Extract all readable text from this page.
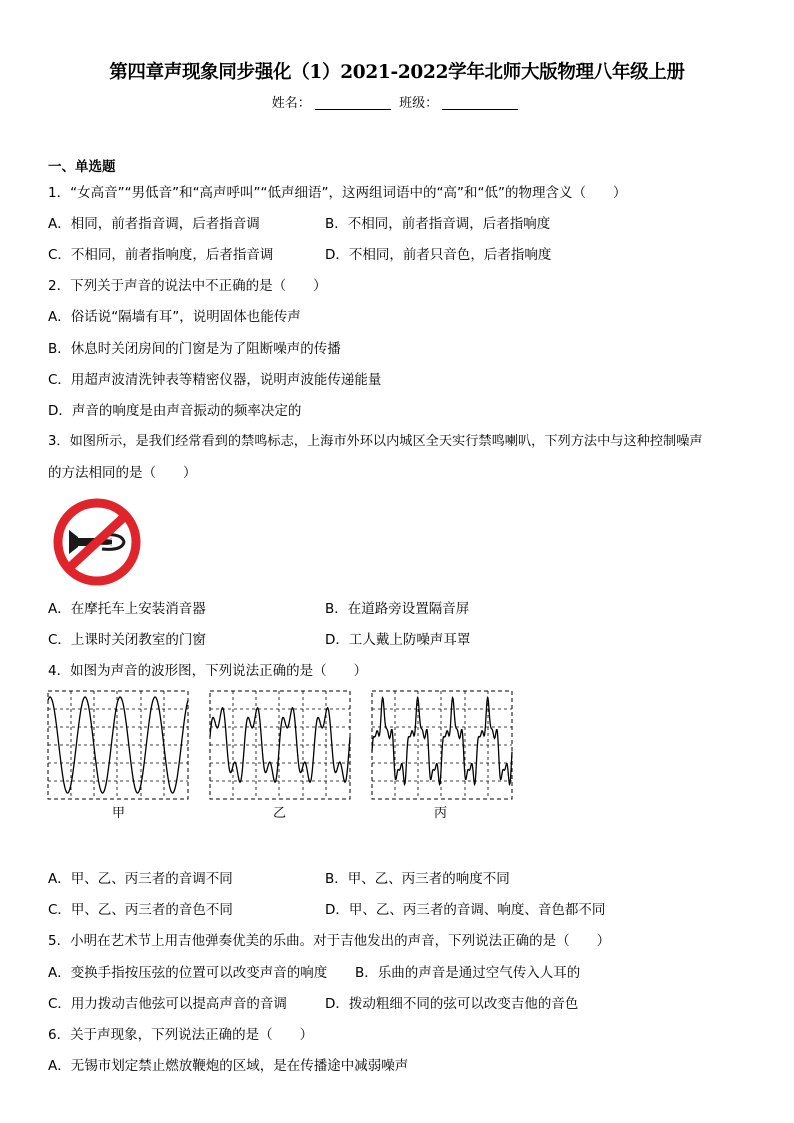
第四章声现象同步强化（1）2021-2022学年北师大版物理八年级上册
姓名：	班级：
一、单选题
1．“女高音”“男低音”和“高声呼叫”“低声细语”，这两组词语中的“高”和“低”的物理含义（　　）
A．相同，前者指音调，后者指音调	B．不相同，前者指音调，后者指响度
C．不相同，前者指响度，后者指音调	D．不相同，前者只音色，后者指响度
2．下列关于声音的说法中不正确的是（　　）
A．俗话说“隔墙有耳”，说明固体也能传声
B．休息时关闭房间的门窗是为了阻断噪声的传播
C．用超声波清洗钟表等精密仪器，说明声波能传递能量
D．声音的响度是由声音振动的频率决定的
3．如图所示，是我们经常看到的禁鸣标志，上海市外环以内城区全天实行禁鸣喇叭，下列方法中与这种控制噪声
的方法相同的是（　　）
A．在摩托车上安装消音器	B．在道路旁设置隔音屏
C．上课时关闭教室的门窗	D．工人戴上防噪声耳罩
4．如图为声音的波形图，下列说法正确的是（　　）
甲	乙	丙
A．甲、乙、丙三者的音调不同	B．甲、乙、丙三者的响度不同
C．甲、乙、丙三者的音色不同	D．甲、乙、丙三者的音调、响度、音色都不同
5．小明在艺术节上用吉他弹奏优美的乐曲。对于吉他发出的声音，下列说法正确的是（　　）
A．变换手指按压弦的位置可以改变声音的响度 B．乐曲的声音是通过空气传入人耳的
C．用力拨动吉他弦可以提高声音的音调	D．拨动粗细不同的弦可以改变吉他的音色
6．关于声现象，下列说法正确的是（　　）
A．无锡市划定禁止燃放鞭炮的区域，是在传播途中减弱噪声
